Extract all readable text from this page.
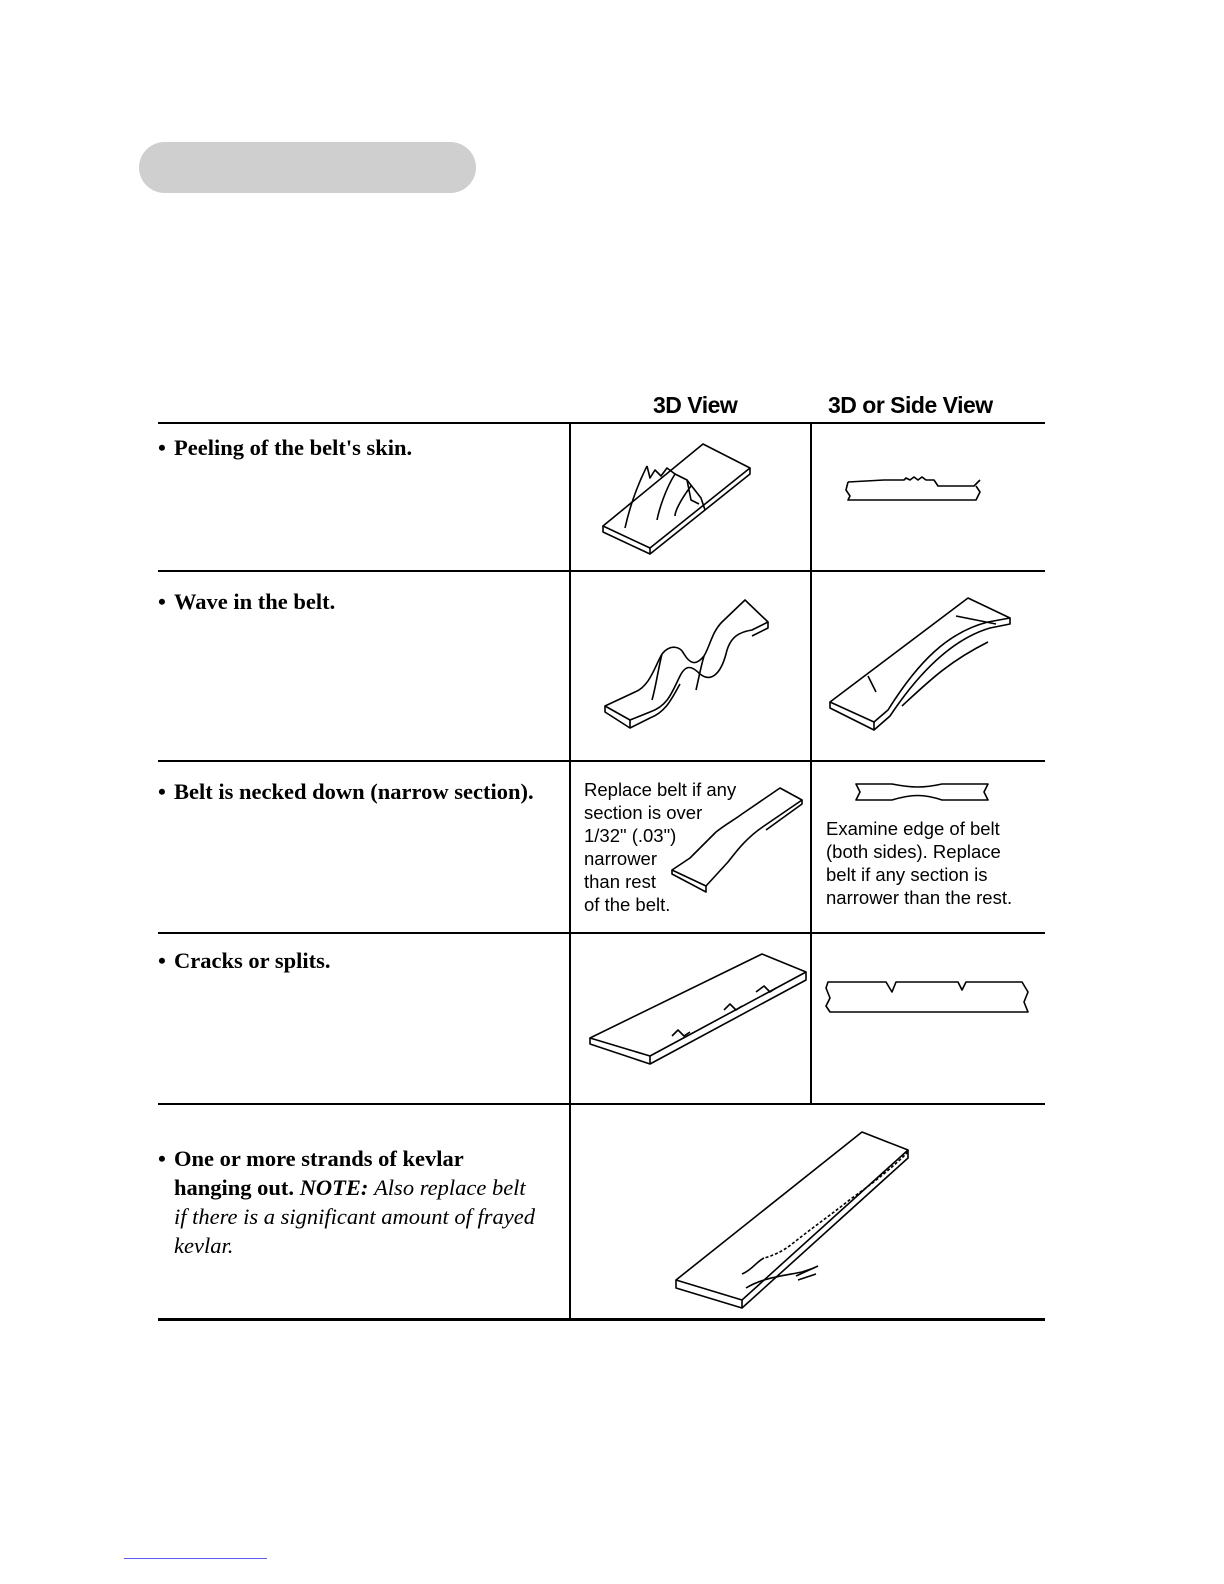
3D View	3D or Side View
• Peeling of the belt's skin.
• Wave in the belt.
• Belt is necked down (narrow section).	Replace belt if any
section is over
1/32" (.03")
narrower
than rest
of the belt.
Examine edge of belt
(both sides). Replace
belt if any section is
narrower than the rest.
• Cracks or splits.
• One or more strands of kevlar
hanging out. NOTE: Also replace belt
if there is a significant amount of frayed
kevlar.
